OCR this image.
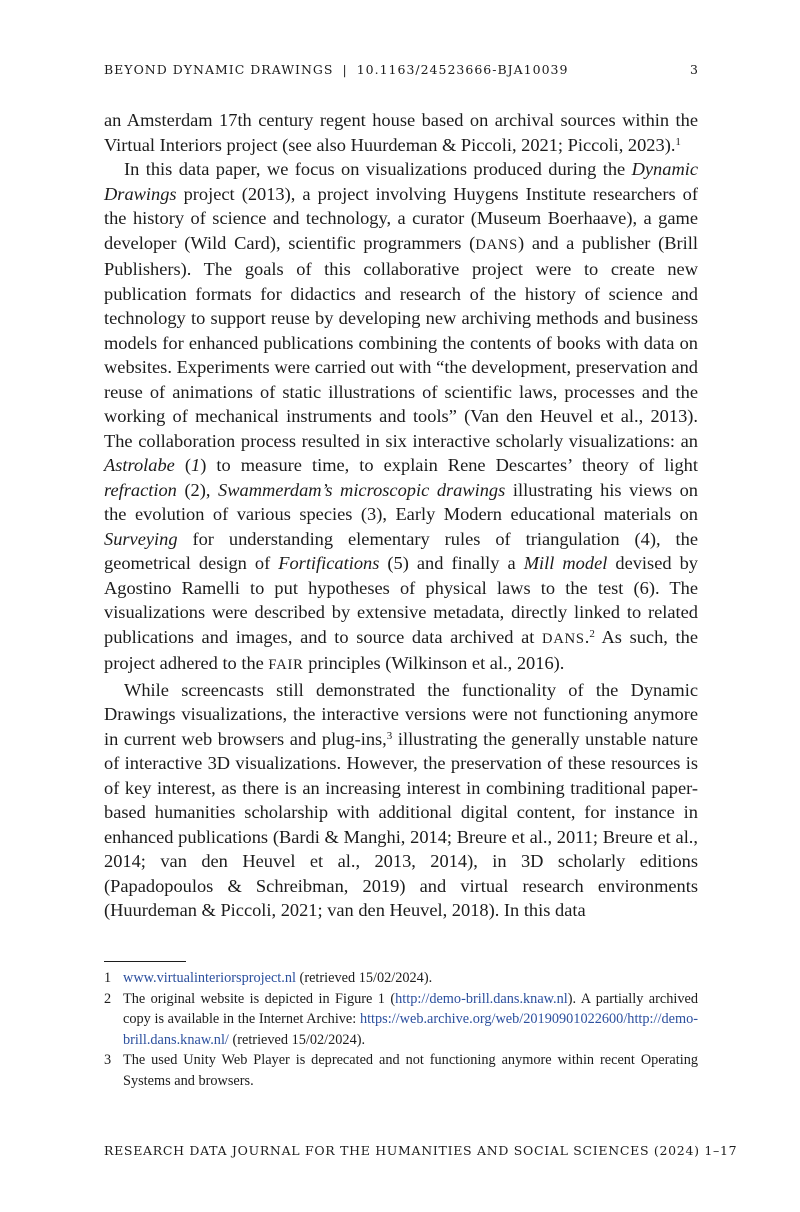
BEYOND DYNAMIC DRAWINGS | 10.1163/24523666-BJA10039	3

an Amsterdam 17th century regent house based on archival sources within the Virtual Interiors project (see also Huurdeman & Piccoli, 2021; Piccoli, 2023).$^1$

In this data paper, we focus on visualizations produced during the Dynamic Drawings project (2013), a project involving Huygens Institute researchers of the history of science and technology, a curator (Museum Boerhaave), a game developer (Wild Card), scientific programmers (DANS) and a publisher (Brill Publishers). The goals of this collaborative project were to create new publication formats for didactics and research of the history of science and technology to support reuse by developing new archiving methods and business models for enhanced publications combining the contents of books with data on websites. Experiments were carried out with “the development, preservation and reuse of animations of static illustrations of scientific laws, processes and the working of mechanical instruments and tools” (Van den Heuvel et al., 2013). The collaboration process resulted in six interactive scholarly visualizations: an Astrolabe (1) to measure time, to explain Rene Descartes’ theory of light refraction (2), Swammerdam’s microscopic drawings illustrating his views on the evolution of various species (3), Early Modern educational materials on Surveying for understanding elementary rules of triangulation (4), the geometrical design of Fortifications (5) and finally a Mill model devised by Agostino Ramelli to put hypotheses of physical laws to the test (6). The visualizations were described by extensive metadata, directly linked to related publications and images, and to source data archived at DANS.$^2$ As such, the project adhered to the FAIR principles (Wilkinson et al., 2016).

While screencasts still demonstrated the functionality of the Dynamic Drawings visualizations, the interactive versions were not functioning anymore in current web browsers and plug-ins,$^3$ illustrating the generally unstable nature of interactive 3D visualizations. However, the preservation of these resources is of key interest, as there is an increasing interest in combining traditional paper-based humanities scholarship with additional digital content, for instance in enhanced publications (Bardi & Manghi, 2014; Breure et al., 2011; Breure et al., 2014; van den Heuvel et al., 2013, 2014), in 3D scholarly editions (Papadopoulos & Schreibman, 2019) and virtual research environments (Huurdeman & Piccoli, 2021; van den Heuvel, 2018). In this data

1 www.virtualinteriorsproject.nl (retrieved 15/02/2024).
2 The original website is depicted in Figure 1 (http://demo-brill.dans.knaw.nl). A partially archived copy is available in the Internet Archive: https://web.archive.org/web/20190901022600/http://demo-brill.dans.knaw.nl/ (retrieved 15/02/2024).
3 The used Unity Web Player is deprecated and not functioning anymore within recent Operating Systems and browsers.
RESEARCH DATA JOURNAL FOR THE HUMANITIES AND SOCIAL SCIENCES (2024) 1–17
